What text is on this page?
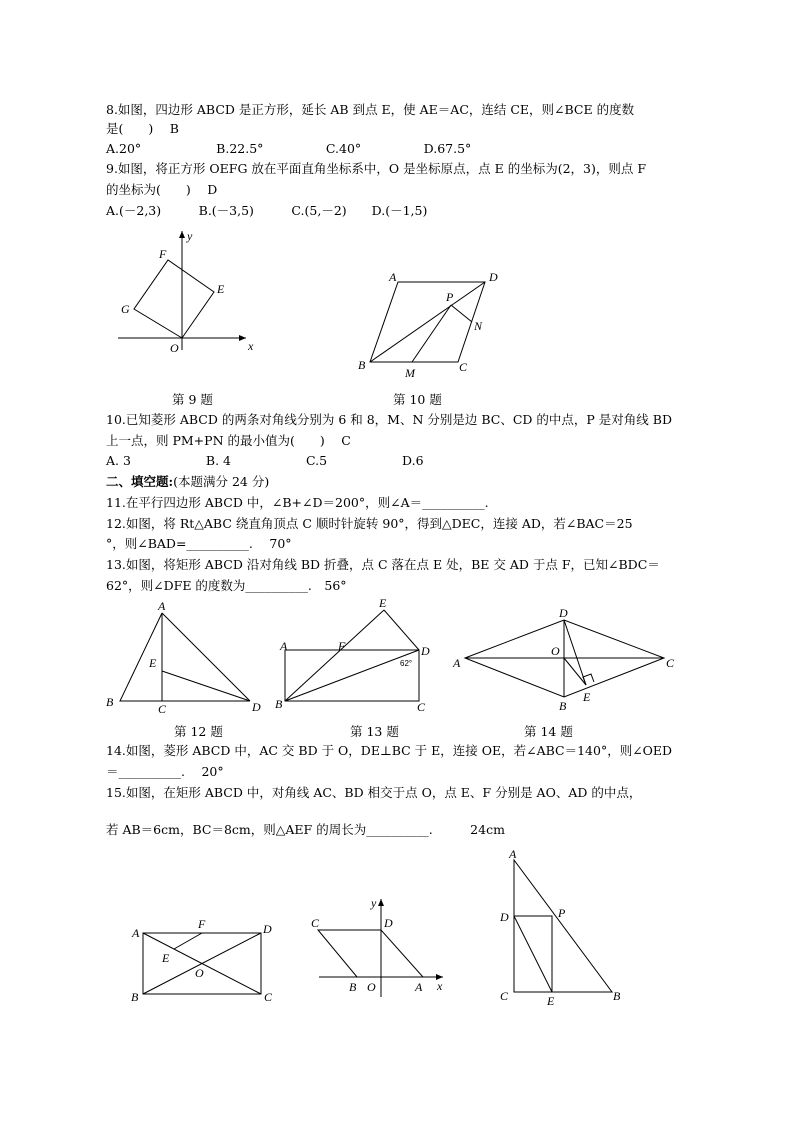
8.如图，四边形 ABCD 是正方形，延长 AB 到点 E，使 AE＝AC，连结 CE，则∠BCE 的度数
是(　　)　 B
A.20°　　　　　　B.22.5°　　　　　C.40°　　　　　D.67.5°
9.如图，将正方形 OEFG 放在平面直角坐标系中，O 是坐标原点，点 E 的坐标为(2，3)，则点 F
的坐标为(　　)　 D
A.(－2,3)　　　B.(－3,5)　　　C.(5,－2)　　D.(－1,5)
y
x
F
E
G
O
第 9 题
A	D
P
N
B
M	C
第 10 题
10.已知菱形 ABCD 的两条对角线分别为 6 和 8，M、N 分别是边 BC、CD 的中点，P 是对角线 BD
上一点，则 PM+PN 的最小值为(　　)　 C
A. 3　　　　　　B. 4　　　　　　C.5　　　　　　D.6
二、填空题:(本题满分 24 分)
11.在平行四边形 ABCD 中，∠B+∠D＝200°，则∠A＝__________.
12.如图，将 Rt△ABC 绕直角顶点 C 顺时针旋转 90°，得到△DEC，连接 AD，若∠BAC＝25
°，则∠BAD=__________.　 70°
13.如图，将矩形 ABCD 沿对角线 BD 折叠，点 C 落在点 E 处，BE 交 AD 于点 F，已知∠BDC＝
62°，则∠DFE 的度数为__________.　56°
A
E
B	C	D
第 12 题
E
A	F	D
62°
B	C
第 13 题
D
O
A	C
E
B
第 14 题
14.如图，菱形 ABCD 中，AC 交 BD 于 O，DE⊥BC 于 E，连接 OE，若∠ABC＝140°，则∠OED
＝__________.　 20°
15.如图，在矩形 ABCD 中，对角线 AC、BD 相交于点 O，点 E、F 分别是 AO、AD 的中点，
若 AB＝6cm，BC＝8cm，则△AEF 的周长为__________.　　　24cm
A
F	D
E
O
B	C
y
C	D
B O	A x
A
D	P
C	E	B
